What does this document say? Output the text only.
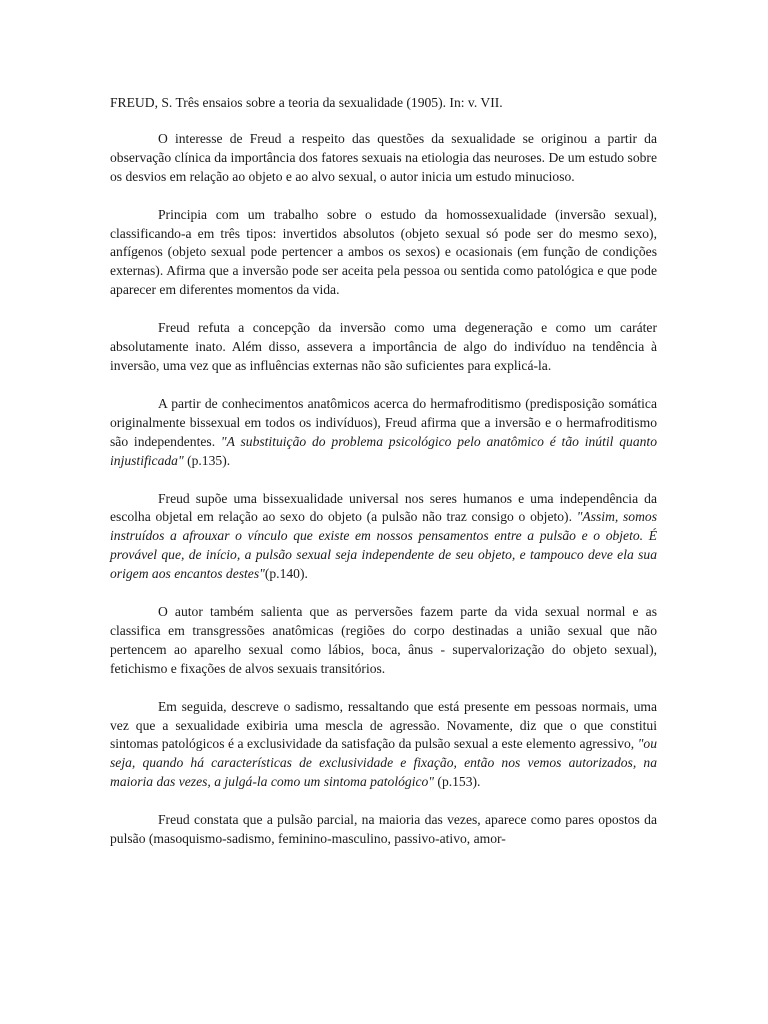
FREUD, S. Três ensaios sobre a teoria da sexualidade (1905). In: v. VII.

O interesse de Freud a respeito das questões da sexualidade se originou a partir da observação clínica da importância dos fatores sexuais na etiologia das neuroses. De um estudo sobre os desvios em relação ao objeto e ao alvo sexual, o autor inicia um estudo minucioso.

Principia com um trabalho sobre o estudo da homossexualidade (inversão sexual), classificando-a em três tipos: invertidos absolutos (objeto sexual só pode ser do mesmo sexo), anfígenos (objeto sexual pode pertencer a ambos os sexos) e ocasionais (em função de condições externas). Afirma que a inversão pode ser aceita pela pessoa ou sentida como patológica e que pode aparecer em diferentes momentos da vida.

Freud refuta a concepção da inversão como uma degeneração e como um caráter absolutamente inato. Além disso, assevera a importância de algo do indivíduo na tendência à inversão, uma vez que as influências externas não são suficientes para explicá-la.

A partir de conhecimentos anatômicos acerca do hermafroditismo (predisposição somática originalmente bissexual em todos os indivíduos), Freud afirma que a inversão e o hermafroditismo são independentes. "A substituição do problema psicológico pelo anatômico é tão inútil quanto injustificada" (p.135).

Freud supõe uma bissexualidade universal nos seres humanos e uma independência da escolha objetal em relação ao sexo do objeto (a pulsão não traz consigo o objeto). "Assim, somos instruídos a afrouxar o vínculo que existe em nossos pensamentos entre a pulsão e o objeto. É provável que, de início, a pulsão sexual seja independente de seu objeto, e tampouco deve ela sua origem aos encantos destes"(p.140).

O autor também salienta que as perversões fazem parte da vida sexual normal e as classifica em transgressões anatômicas (regiões do corpo destinadas a união sexual que não pertencem ao aparelho sexual como lábios, boca, ânus - supervalorização do objeto sexual), fetichismo e fixações de alvos sexuais transitórios.

Em seguida, descreve o sadismo, ressaltando que está presente em pessoas normais, uma vez que a sexualidade exibiria uma mescla de agressão. Novamente, diz que o que constitui sintomas patológicos é a exclusividade da satisfação da pulsão sexual a este elemento agressivo, "ou seja, quando há características de exclusividade e fixação, então nos vemos autorizados, na maioria das vezes, a julgá-la como um sintoma patológico" (p.153).

Freud constata que a pulsão parcial, na maioria das vezes, aparece como pares opostos da pulsão (masoquismo-sadismo, feminino-masculino, passivo-ativo, amor-
